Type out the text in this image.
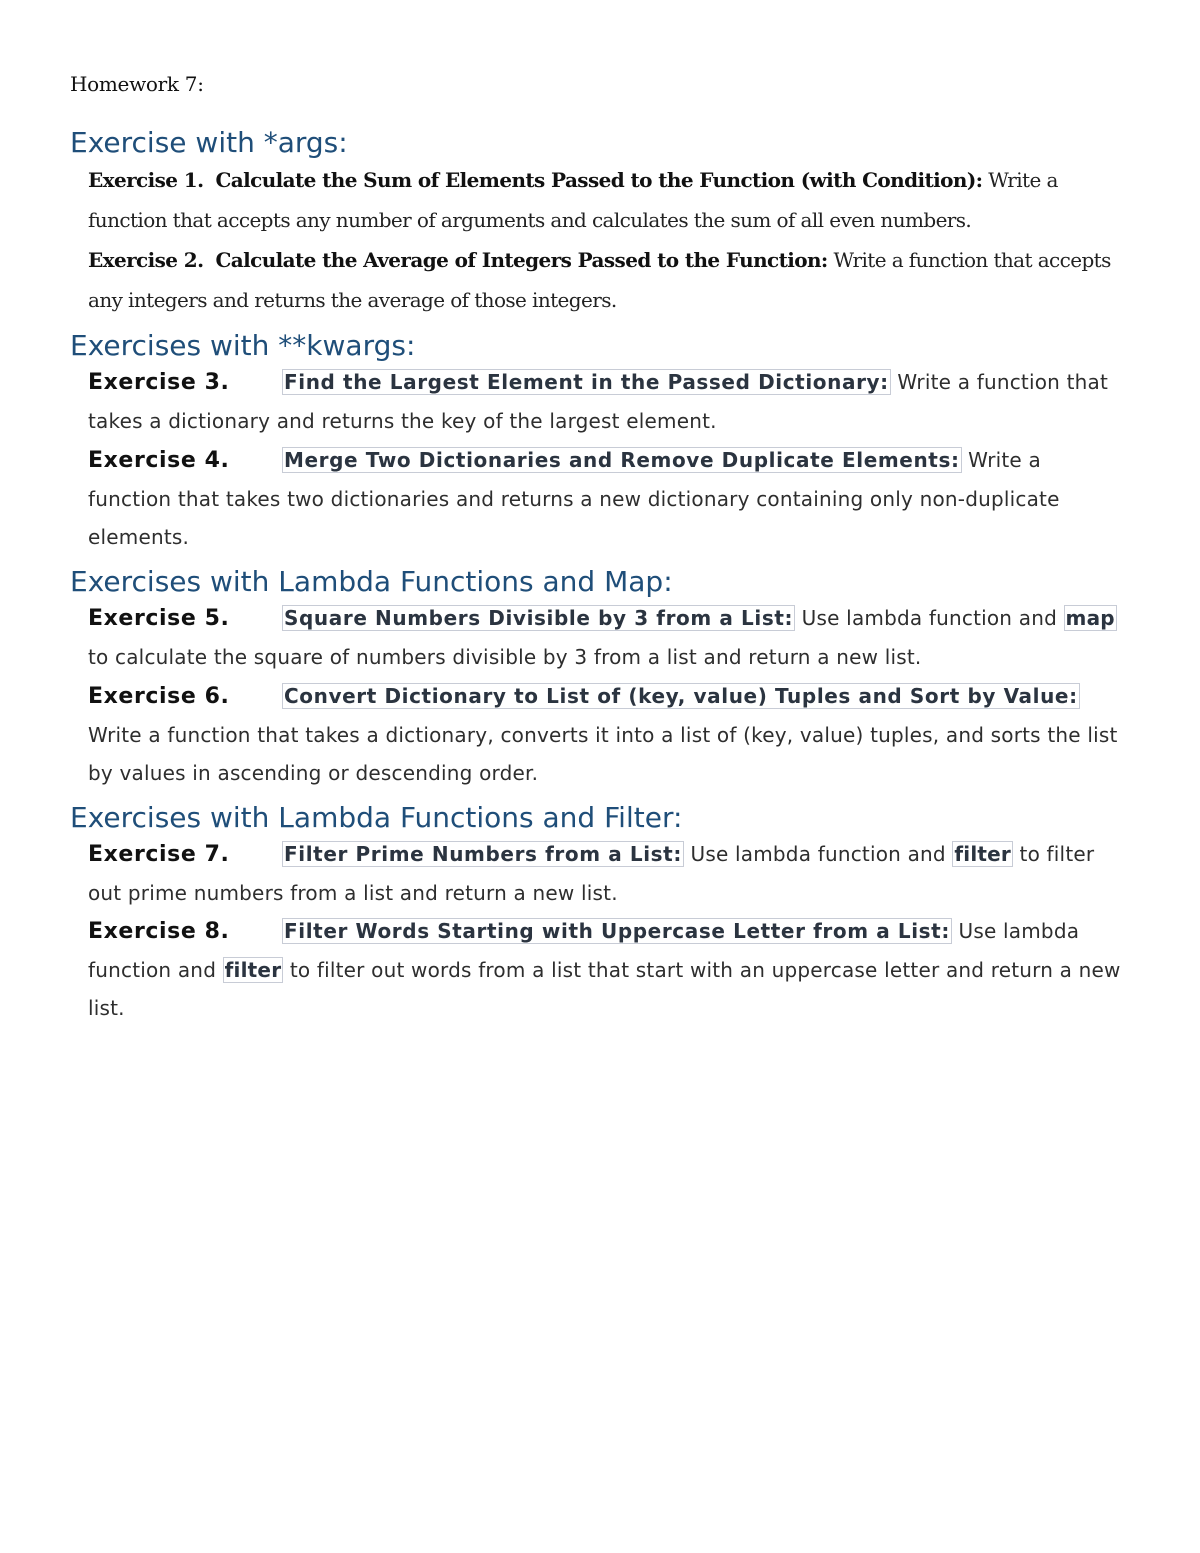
Homework 7:
Exercise with *args:
Exercise 1. Calculate the Sum of Elements Passed to the Function (with Condition): Write a function that accepts any number of arguments and calculates the sum of all even numbers.
Exercise 2. Calculate the Average of Integers Passed to the Function: Write a function that accepts any integers and returns the average of those integers.
Exercises with **kwargs:
Exercise 3.	Find the Largest Element in the Passed Dictionary: Write a function that takes a dictionary and returns the key of the largest element.
Exercise 4.	Merge Two Dictionaries and Remove Duplicate Elements: Write a function that takes two dictionaries and returns a new dictionary containing only non-duplicate elements.
Exercises with Lambda Functions and Map:
Exercise 5.	Square Numbers Divisible by 3 from a List: Use lambda function and map to calculate the square of numbers divisible by 3 from a list and return a new list.
Exercise 6.	Convert Dictionary to List of (key, value) Tuples and Sort by Value: Write a function that takes a dictionary, converts it into a list of (key, value) tuples, and sorts the list by values in ascending or descending order.
Exercises with Lambda Functions and Filter:
Exercise 7.	Filter Prime Numbers from a List: Use lambda function and filter to filter out prime numbers from a list and return a new list.
Exercise 8.	Filter Words Starting with Uppercase Letter from a List: Use lambda function and filter to filter out words from a list that start with an uppercase letter and return a new list.
